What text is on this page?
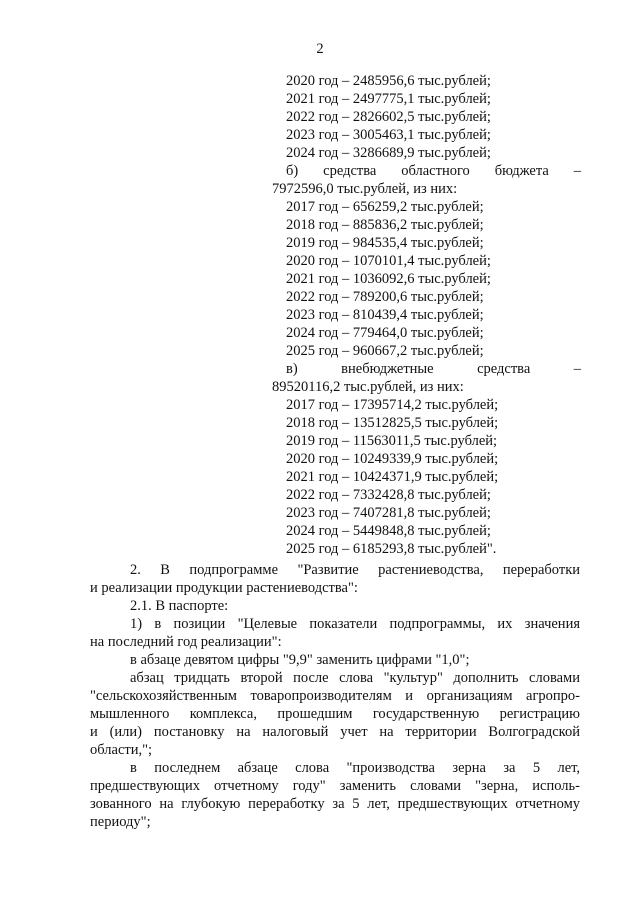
2
2020 год – 2485956,6 тыс.рублей;
2021 год – 2497775,1 тыс.рублей;
2022 год – 2826602,5 тыс.рублей;
2023 год – 3005463,1 тыс.рублей;
2024 год – 3286689,9 тыс.рублей;
б) средства областного бюджета –
7972596,0 тыс.рублей, из них:
2017 год – 656259,2 тыс.рублей;
2018 год – 885836,2 тыс.рублей;
2019 год – 984535,4 тыс.рублей;
2020 год – 1070101,4 тыс.рублей;
2021 год – 1036092,6 тыс.рублей;
2022 год – 789200,6 тыс.рублей;
2023 год – 810439,4 тыс.рублей;
2024 год – 779464,0 тыс.рублей;
2025 год – 960667,2 тыс.рублей;
в)	внебюджетные	средства	–
89520116,2 тыс.рублей, из них:
2017 год – 17395714,2 тыс.рублей;
2018 год – 13512825,5 тыс.рублей;
2019 год – 11563011,5 тыс.рублей;
2020 год – 10249339,9 тыс.рублей;
2021 год – 10424371,9 тыс.рублей;
2022 год – 7332428,8 тыс.рублей;
2023 год – 7407281,8 тыс.рублей;
2024 год – 5449848,8 тыс.рублей;
2025 год – 6185293,8 тыс.рублей".
2. В подпрограмме "Развитие растениеводства, переработки
и реализации продукции растениеводства":
2.1. В паспорте:
1) в позиции "Целевые показатели подпрограммы, их значения
на последний год реализации":
в абзаце девятом цифры "9,9" заменить цифрами "1,0";
абзац тридцать второй после слова "культур" дополнить словами
"сельскохозяйственным товаропроизводителям и организациям агропро-
мышленного комплекса, прошедшим государственную регистрацию
и (или) постановку на налоговый учет на территории Волгоградской
области,";
в последнем абзаце слова "производства зерна за 5 лет,
предшествующих отчетному году" заменить словами "зерна, исполь-
зованного на глубокую переработку за 5 лет, предшествующих отчетному
периоду";
